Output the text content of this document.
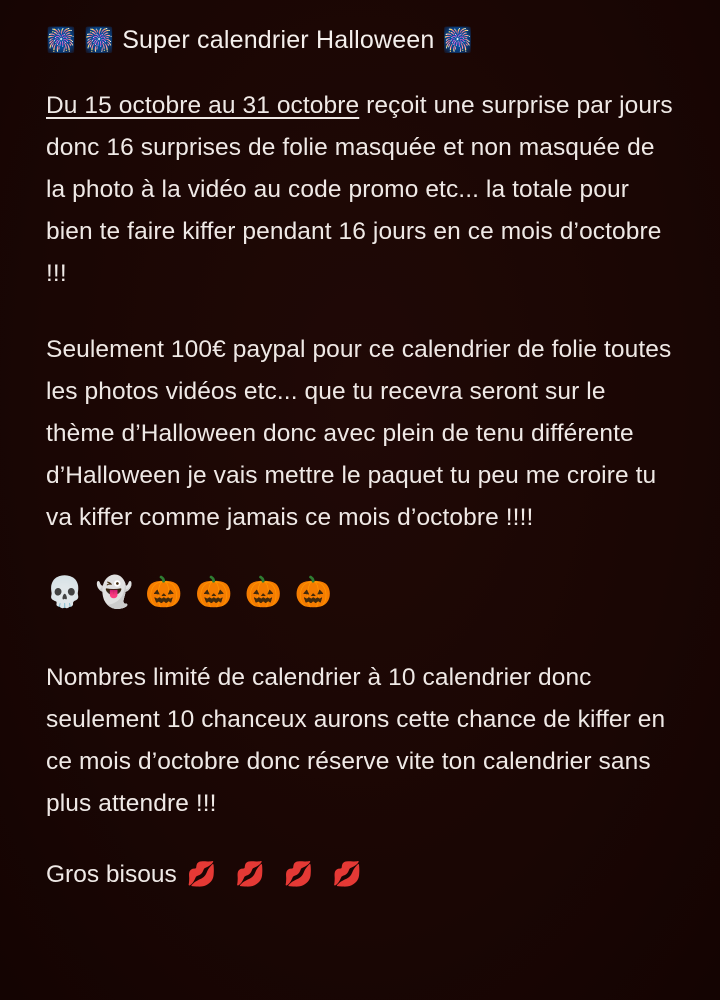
🎆 🎆 Super calendrier Halloween 🎆

Du 15 octobre au 31 octobre reçoit une surprise par jours donc 16 surprises de folie masquée et non masquée de la photo à la vidéo au code promo etc... la totale pour bien te faire kiffer pendant 16 jours en ce mois d’octobre !!!

Seulement 100€ paypal pour ce calendrier de folie toutes les photos vidéos etc... que tu recevra seront sur le thème d’Halloween donc avec plein de tenu différente d’Halloween je vais mettre le paquet tu peu me croire tu va kiffer comme jamais ce mois d’octobre !!!!

💀 👻 🎃 🎃 🎃 🎃

Nombres limité de calendrier à 10 calendrier donc seulement 10 chanceux aurons cette chance de kiffer en ce mois d’octobre donc réserve vite ton calendrier sans plus attendre !!!

Gros bisous 💋 💋 💋 💋
